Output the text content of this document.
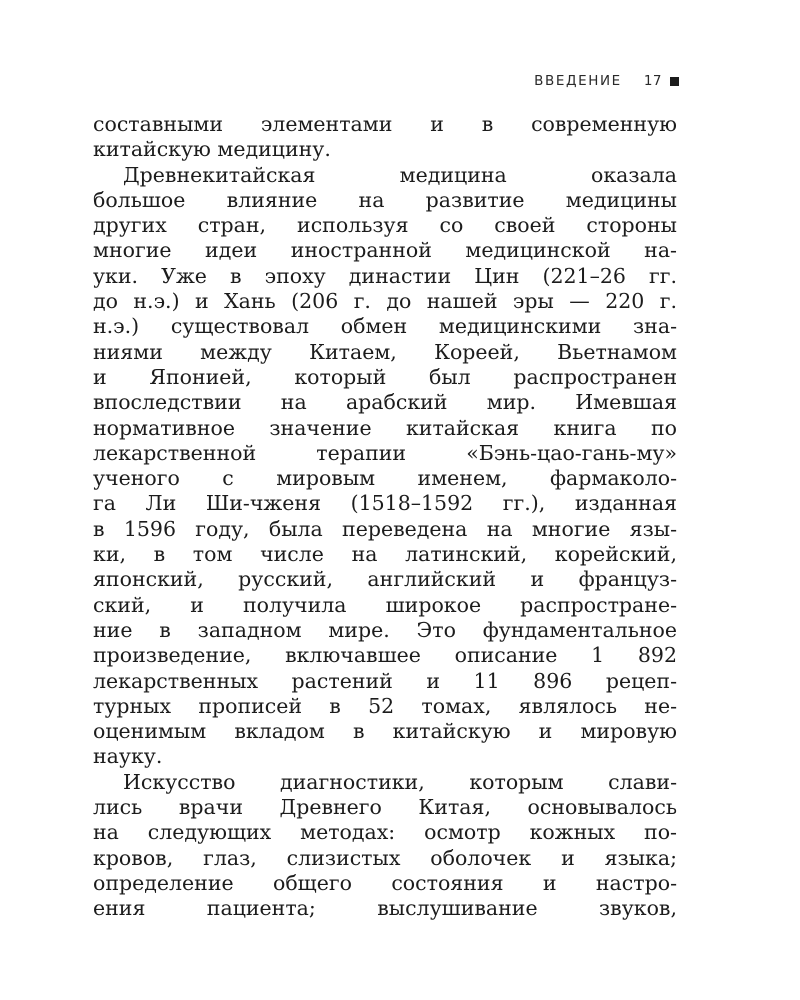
ВВЕДЕНИЕ 17

составными элементами и в современную
китайскую медицину.

Древнекитайская медицина оказала
большое влияние на развитие медицины
других стран, используя со своей стороны
многие идеи иностранной медицинской на-
уки. Уже в эпоху династии Цин (221–26 гг.
до н.э.) и Хань (206 г. до нашей эры — 220 г.
н.э.) существовал обмен медицинскими зна-
ниями между Китаем, Кореей, Вьетнамом
и Японией, который был распространен
впоследствии на арабский мир. Имевшая
нормативное значение китайская книга по
лекарственной терапии «Бэнь-цао-гань-му»
ученого с мировым именем, фармаколо-
га Ли Ши-чженя (1518–1592 гг.), изданная
в 1596 году, была переведена на многие язы-
ки, в том числе на латинский, корейский,
японский, русский, английский и француз-
ский, и получила широкое распростране-
ние в западном мире. Это фундаментальное
произведение, включавшее описание 1 892
лекарственных растений и 11 896 рецеп-
турных прописей в 52 томах, являлось не-
оценимым вкладом в китайскую и мировую
науку.

Искусство диагностики, которым слави-
лись врачи Древнего Китая, основывалось
на следующих методах: осмотр кожных по-
кровов, глаз, слизистых оболочек и языка;
определение общего состояния и настро-
ения пациента; выслушивание звуков,
